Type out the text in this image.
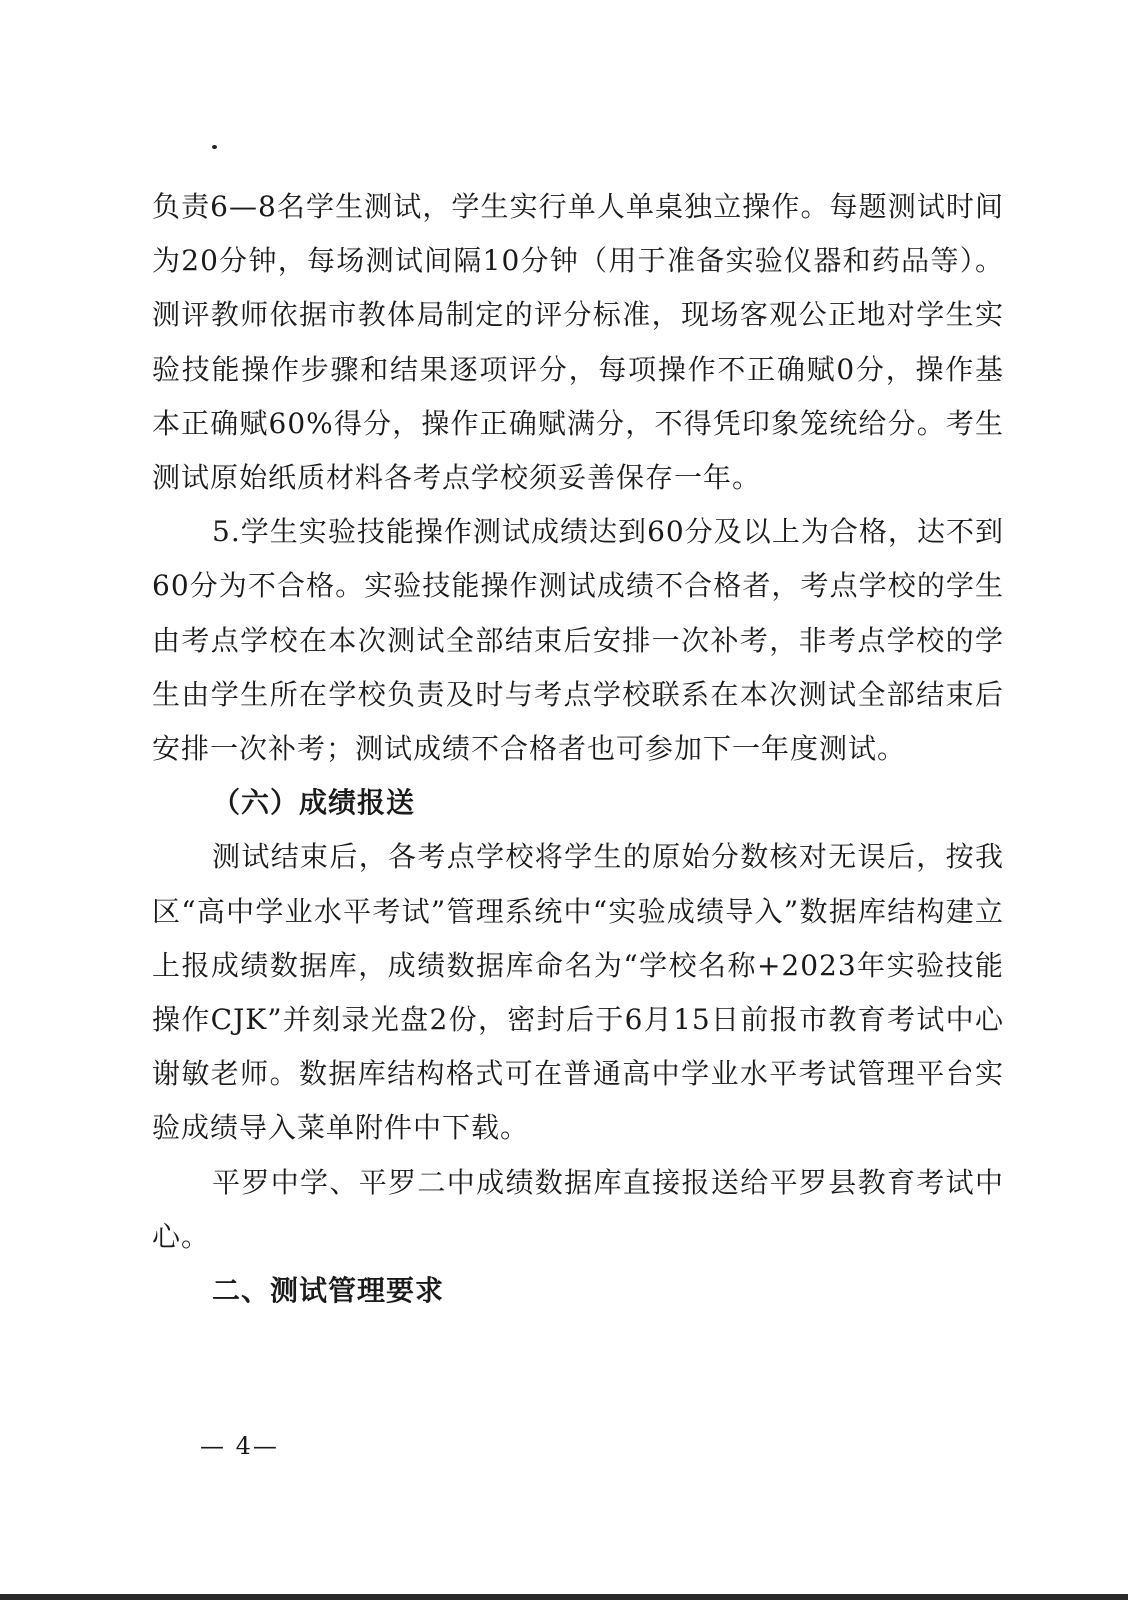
负责6—8名学生测试，学生实行单人单桌独立操作。每题测试时间为20分钟，每场测试间隔10分钟（用于准备实验仪器和药品等）。测评教师依据市教体局制定的评分标准，现场客观公正地对学生实验技能操作步骤和结果逐项评分，每项操作不正确赋0分，操作基本正确赋60%得分，操作正确赋满分，不得凭印象笼统给分。考生测试原始纸质材料各考点学校须妥善保存一年。

5.学生实验技能操作测试成绩达到60分及以上为合格，达不到60分为不合格。实验技能操作测试成绩不合格者，考点学校的学生由考点学校在本次测试全部结束后安排一次补考，非考点学校的学生由学生所在学校负责及时与考点学校联系在本次测试全部结束后安排一次补考；测试成绩不合格者也可参加下一年度测试。

（六）成绩报送

测试结束后，各考点学校将学生的原始分数核对无误后，按我区“高中学业水平考试”管理系统中“实验成绩导入”数据库结构建立上报成绩数据库，成绩数据库命名为“学校名称+2023年实验技能操作CJK”并刻录光盘2份，密封后于6月15日前报市教育考试中心谢敏老师。数据库结构格式可在普通高中学业水平考试管理平台实验成绩导入菜单附件中下载。

平罗中学、平罗二中成绩数据库直接报送给平罗县教育考试中心。

二、测试管理要求

— 4—
